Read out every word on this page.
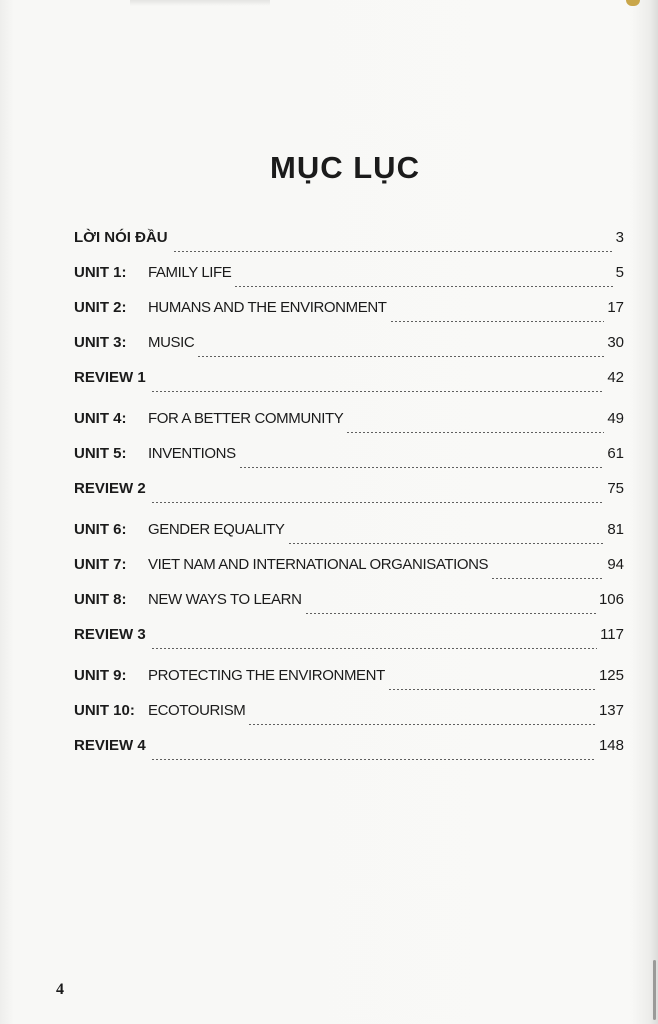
MỤC LỤC
LỜI NÓI ĐẦU	3
UNIT 1:	FAMILY LIFE	5
UNIT 2:	HUMANS AND THE ENVIRONMENT	17
UNIT 3:	MUSIC	30
REVIEW 1	42
UNIT 4:	FOR A BETTER COMMUNITY	49
UNIT 5:	INVENTIONS	61
REVIEW 2	75
UNIT 6:	GENDER EQUALITY	81
UNIT 7:	VIET NAM AND INTERNATIONAL ORGANISATIONS	94
UNIT 8:	NEW WAYS TO LEARN	106
REVIEW 3	117
UNIT 9:	PROTECTING THE ENVIRONMENT	125
UNIT 10: ECOTOURISM	137
REVIEW 4	148
4
